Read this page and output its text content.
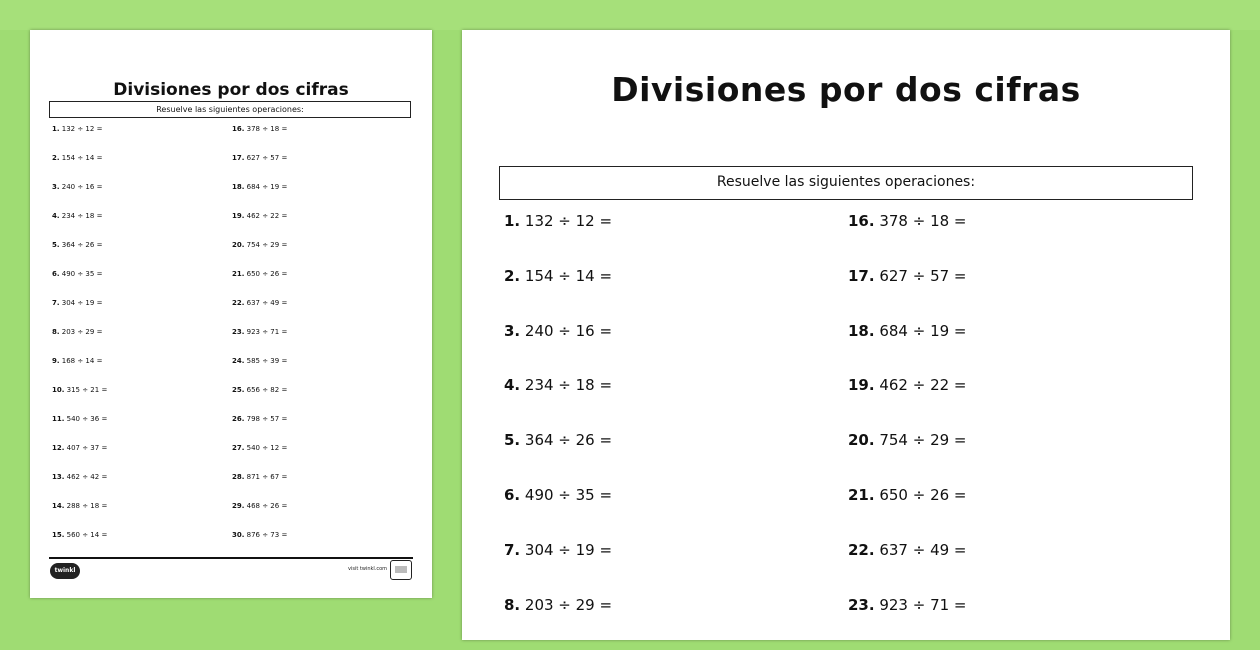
Divisiones por dos cifras
Resuelve las siguientes operaciones:
1. 132 ÷ 12 =
2. 154 ÷ 14 =
3. 240 ÷ 16 =
4. 234 ÷ 18 =
5. 364 ÷ 26 =
6. 490 ÷ 35 =
7. 304 ÷ 19 =
8. 203 ÷ 29 =
9. 168 ÷ 14 =
10. 315 ÷ 21 =
11. 540 ÷ 36 =
12. 407 ÷ 37 =
13. 462 ÷ 42 =
14. 288 ÷ 18 =
15. 560 ÷ 14 =
16. 378 ÷ 18 =
17. 627 ÷ 57 =
18. 684 ÷ 19 =
19. 462 ÷ 22 =
20. 754 ÷ 29 =
21. 650 ÷ 26 =
22. 637 ÷ 49 =
23. 923 ÷ 71 =
24. 585 ÷ 39 =
25. 656 ÷ 82 =
26. 798 ÷ 57 =
27. 540 ÷ 12 =
28. 871 ÷ 67 =
29. 468 ÷ 26 =
30. 876 ÷ 73 =
twinkl	visit twinkl.com
Divisiones por dos cifras
Resuelve las siguientes operaciones:
1. 132 ÷ 12 =
2. 154 ÷ 14 =
3. 240 ÷ 16 =
4. 234 ÷ 18 =
5. 364 ÷ 26 =
6. 490 ÷ 35 =
7. 304 ÷ 19 =
8. 203 ÷ 29 =
16. 378 ÷ 18 =
17. 627 ÷ 57 =
18. 684 ÷ 19 =
19. 462 ÷ 22 =
20. 754 ÷ 29 =
21. 650 ÷ 26 =
22. 637 ÷ 49 =
23. 923 ÷ 71 =
